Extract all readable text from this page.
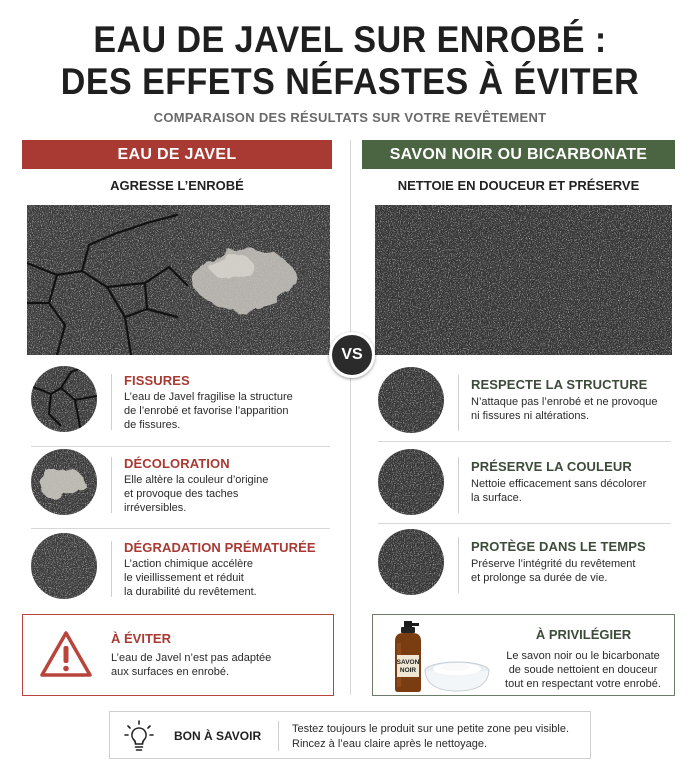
EAU DE JAVEL SUR ENROBÉ :
DES EFFETS NÉFASTES À ÉVITER
COMPARAISON DES RÉSULTATS SUR VOTRE REVÊTEMENT
EAU DE JAVEL	SAVON NOIR OU BICARBONATE
AGRESSE L’ENROBÉ	NETTOIE EN DOUCEUR ET PRÉSERVE
VS
FISSURES
L’eau de Javel fragilise la structure
de l’enrobé et favorise l’apparition
de fissures.
DÉCOLORATION
Elle altère la couleur d’origine
et provoque des taches
irréversibles.
DÉGRADATION PRÉMATURÉE
L’action chimique accélère
le vieillissement et réduit
la durabilité du revêtement.
RESPECTE LA STRUCTURE
N’attaque pas l’enrobé et ne provoque
ni fissures ni altérations.
PRÉSERVE LA COULEUR
Nettoie efficacement sans décolorer
la surface.
PROTÈGE DANS LE TEMPS
Préserve l’intégrité du revêtement
et prolonge sa durée de vie.
À ÉVITER
L’eau de Javel n’est pas adaptée
aux surfaces en enrobé.
SAVON
NOIR
À PRIVILÉGIER
Le savon noir ou le bicarbonate
de soude nettoient en douceur
tout en respectant votre enrobé.
BON À SAVOIR	Testez toujours le produit sur une petite zone peu visible.
Rincez à l’eau claire après le nettoyage.
